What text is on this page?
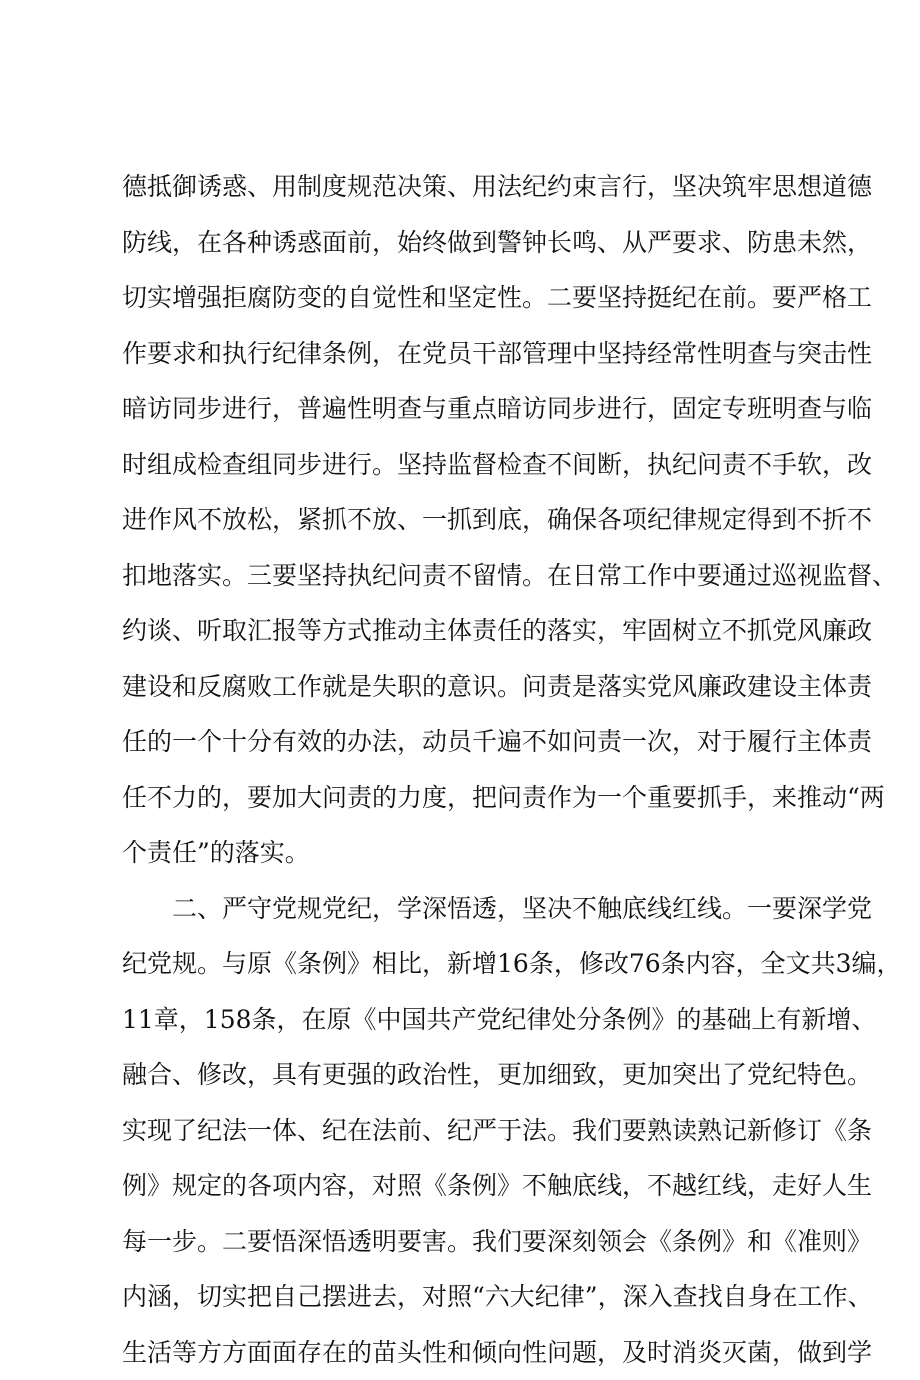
德抵御诱惑、用制度规范决策、用法纪约束言行，坚决筑牢思想道德
防线，在各种诱惑面前，始终做到警钟长鸣、从严要求、防患未然，
切实增强拒腐防变的自觉性和坚定性。二要坚持挺纪在前。要严格工
作要求和执行纪律条例，在党员干部管理中坚持经常性明查与突击性
暗访同步进行，普遍性明查与重点暗访同步进行，固定专班明查与临
时组成检查组同步进行。坚持监督检查不间断，执纪问责不手软，改
进作风不放松，紧抓不放、一抓到底，确保各项纪律规定得到不折不
扣地落实。三要坚持执纪问责不留情。在日常工作中要通过巡视监督、
约谈、听取汇报等方式推动主体责任的落实，牢固树立不抓党风廉政
建设和反腐败工作就是失职的意识。问责是落实党风廉政建设主体责
任的一个十分有效的办法，动员千遍不如问责一次，对于履行主体责
任不力的，要加大问责的力度，把问责作为一个重要抓手，来推动“两
个责任”的落实。
　　二、严守党规党纪，学深悟透，坚决不触底线红线。一要深学党
纪党规。与原《条例》相比，新增16条，修改76条内容，全文共3编，
11章，158条，在原《中国共产党纪律处分条例》的基础上有新增、
融合、修改，具有更强的政治性，更加细致，更加突出了党纪特色。
实现了纪法一体、纪在法前、纪严于法。我们要熟读熟记新修订《条
例》规定的各项内容，对照《条例》不触底线，不越红线，走好人生
每一步。二要悟深悟透明要害。我们要深刻领会《条例》和《准则》
内涵，切实把自己摆进去，对照“六大纪律”，深入查找自身在工作、
生活等方方面面存在的苗头性和倾向性问题，及时消炎灭菌，做到学
